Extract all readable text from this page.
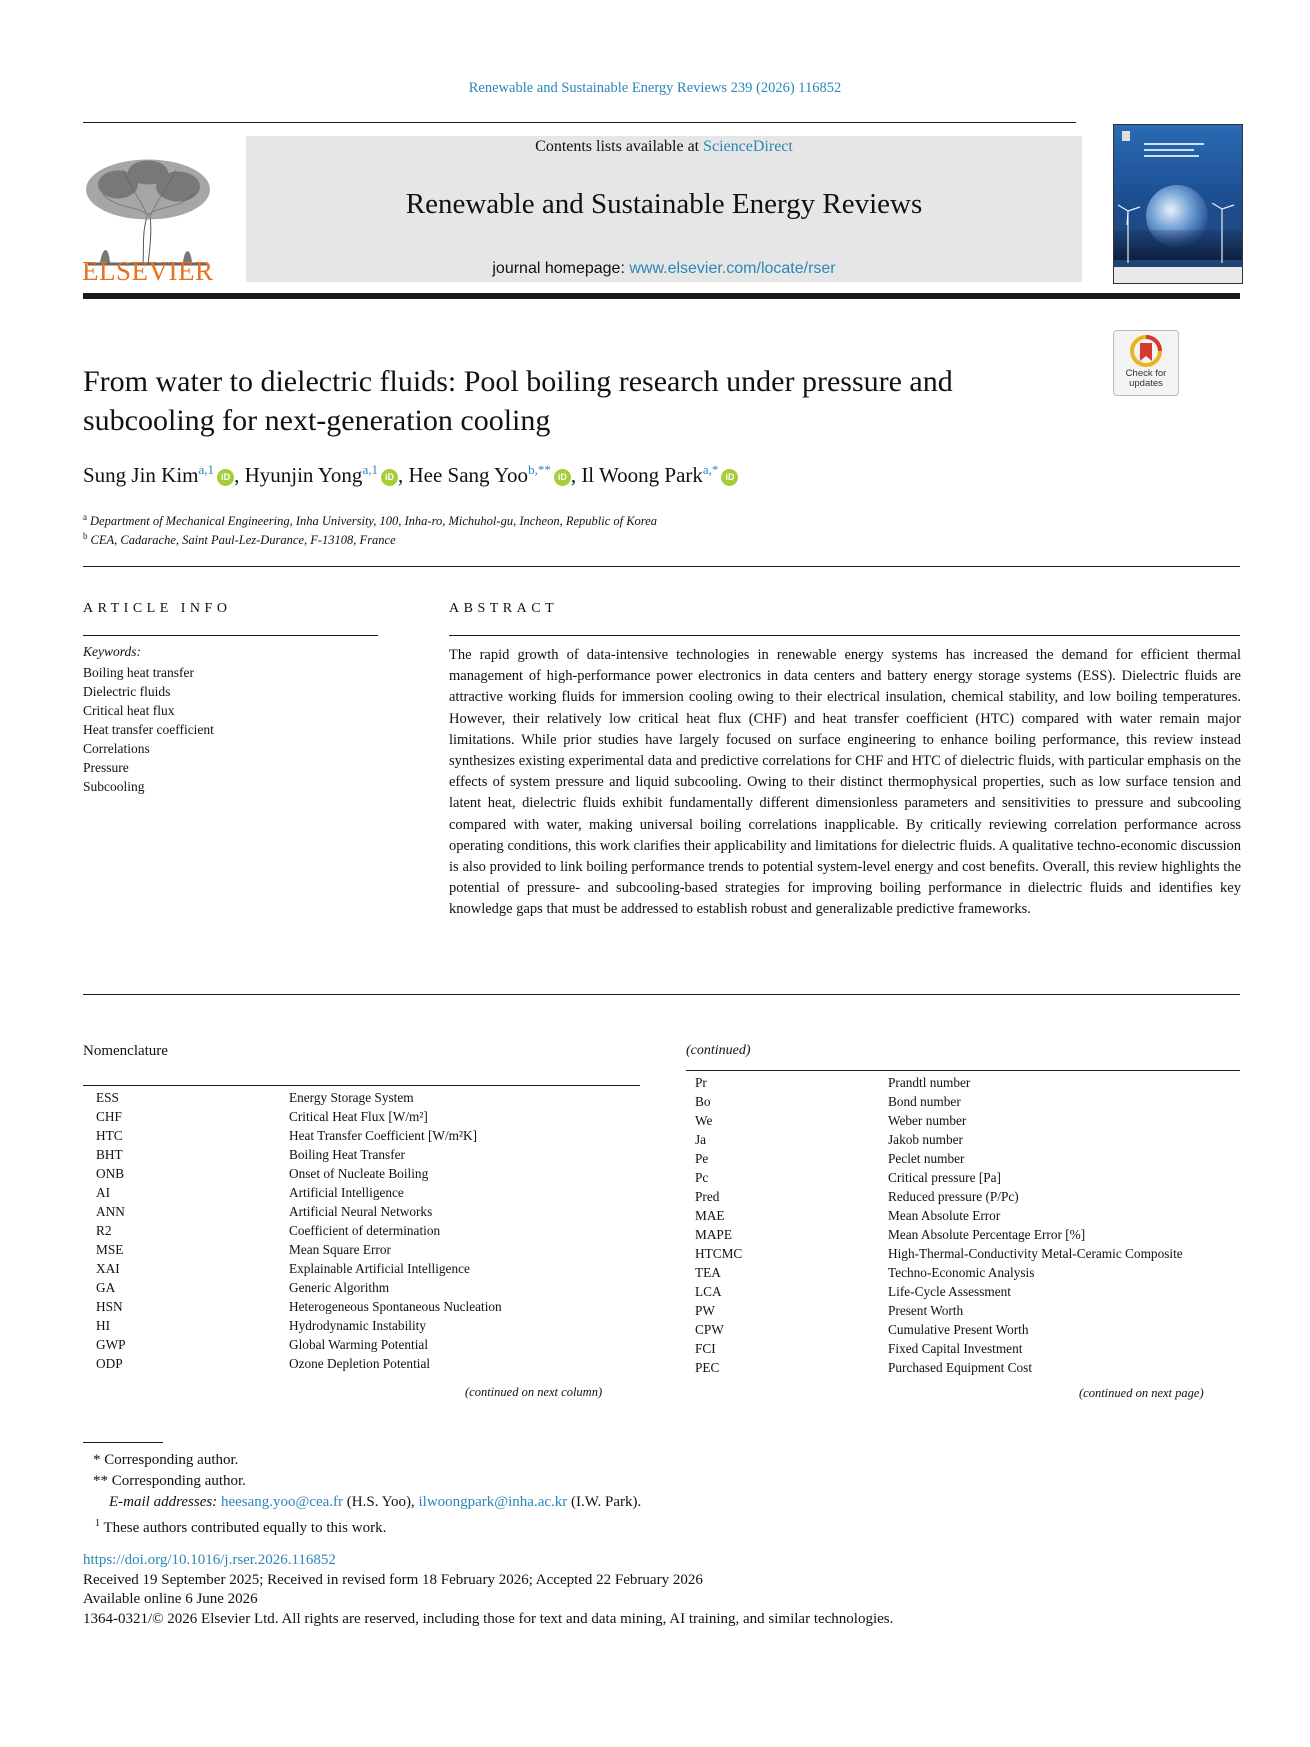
Renewable and Sustainable Energy Reviews 239 (2026) 116852
ELSEVIER
Contents lists available at ScienceDirect
Renewable and Sustainable Energy Reviews
journal homepage: www.elsevier.com/locate/rser
Check for
updates
From water to dielectric fluids: Pool boiling research under pressure and subcooling for next-generation cooling
Sung Jin Kim$^{a,1}$ iD , Hyunjin Yong$^{a,1}$ iD , Hee Sang Yoo$^{b,**}$ iD , Il Woong Park$^{a,*}$ iD
$^a$ Department of Mechanical Engineering, Inha University, 100, Inha-ro, Michuhol-gu, Incheon, Republic of Korea
$^b$ CEA, Cadarache, Saint Paul-Lez-Durance, F-13108, France
ARTICLE INFO
Keywords:
Boiling heat transfer
Dielectric fluids
Critical heat flux
Heat transfer coefficient
Correlations
Pressure
Subcooling
ABSTRACT
The rapid growth of data-intensive technologies in renewable energy systems has increased the demand for efficient thermal management of high-performance power electronics in data centers and battery energy storage systems (ESS). Dielectric fluids are attractive working fluids for immersion cooling owing to their electrical insulation, chemical stability, and low boiling temperatures. However, their relatively low critical heat flux (CHF) and heat transfer coefficient (HTC) compared with water remain major limitations. While prior studies have largely focused on surface engineering to enhance boiling performance, this review instead synthesizes existing experimental data and predictive correlations for CHF and HTC of dielectric fluids, with particular emphasis on the effects of system pressure and liquid subcooling. Owing to their distinct thermophysical properties, such as low surface tension and latent heat, dielectric fluids exhibit fundamentally different dimensionless parameters and sensitivities to pressure and subcooling compared with water, making universal boiling correlations inapplicable. By critically reviewing correlation performance across operating conditions, this work clarifies their applicability and limitations for dielectric fluids. A qualitative techno-economic discussion is also provided to link boiling performance trends to potential system-level energy and cost benefits. Overall, this review highlights the potential of pressure- and subcooling-based strategies for improving boiling performance in dielectric fluids and identifies key knowledge gaps that must be addressed to establish robust and generalizable predictive frameworks.
Nomenclature
ESS	Energy Storage System
CHF	Critical Heat Flux [W/m²]
HTC	Heat Transfer Coefficient [W/m²K]
BHT	Boiling Heat Transfer
ONB	Onset of Nucleate Boiling
AI	Artificial Intelligence
ANN	Artificial Neural Networks
R2	Coefficient of determination
MSE	Mean Square Error
XAI	Explainable Artificial Intelligence
GA	Generic Algorithm
HSN	Heterogeneous Spontaneous Nucleation
HI	Hydrodynamic Instability
GWP	Global Warming Potential
ODP	Ozone Depletion Potential
(continued on next column)
(continued)
Pr	Prandtl number
Bo	Bond number
We	Weber number
Ja	Jakob number
Pe	Peclet number
Pc	Critical pressure [Pa]
Pred	Reduced pressure (P/Pc)
MAE	Mean Absolute Error
MAPE	Mean Absolute Percentage Error [%]
HTCMC	High-Thermal-Conductivity Metal-Ceramic Composite
TEA	Techno-Economic Analysis
LCA	Life-Cycle Assessment
PW	Present Worth
CPW	Cumulative Present Worth
FCI	Fixed Capital Investment
PEC	Purchased Equipment Cost
(continued on next page)
* Corresponding author.
** Corresponding author.
E-mail addresses: heesang.yoo@cea.fr (H.S. Yoo), ilwoongpark@inha.ac.kr (I.W. Park).
$^1$ These authors contributed equally to this work.
https://doi.org/10.1016/j.rser.2026.116852
Received 19 September 2025; Received in revised form 18 February 2026; Accepted 22 February 2026
Available online 6 June 2026
1364-0321/© 2026 Elsevier Ltd. All rights are reserved, including those for text and data mining, AI training, and similar technologies.
